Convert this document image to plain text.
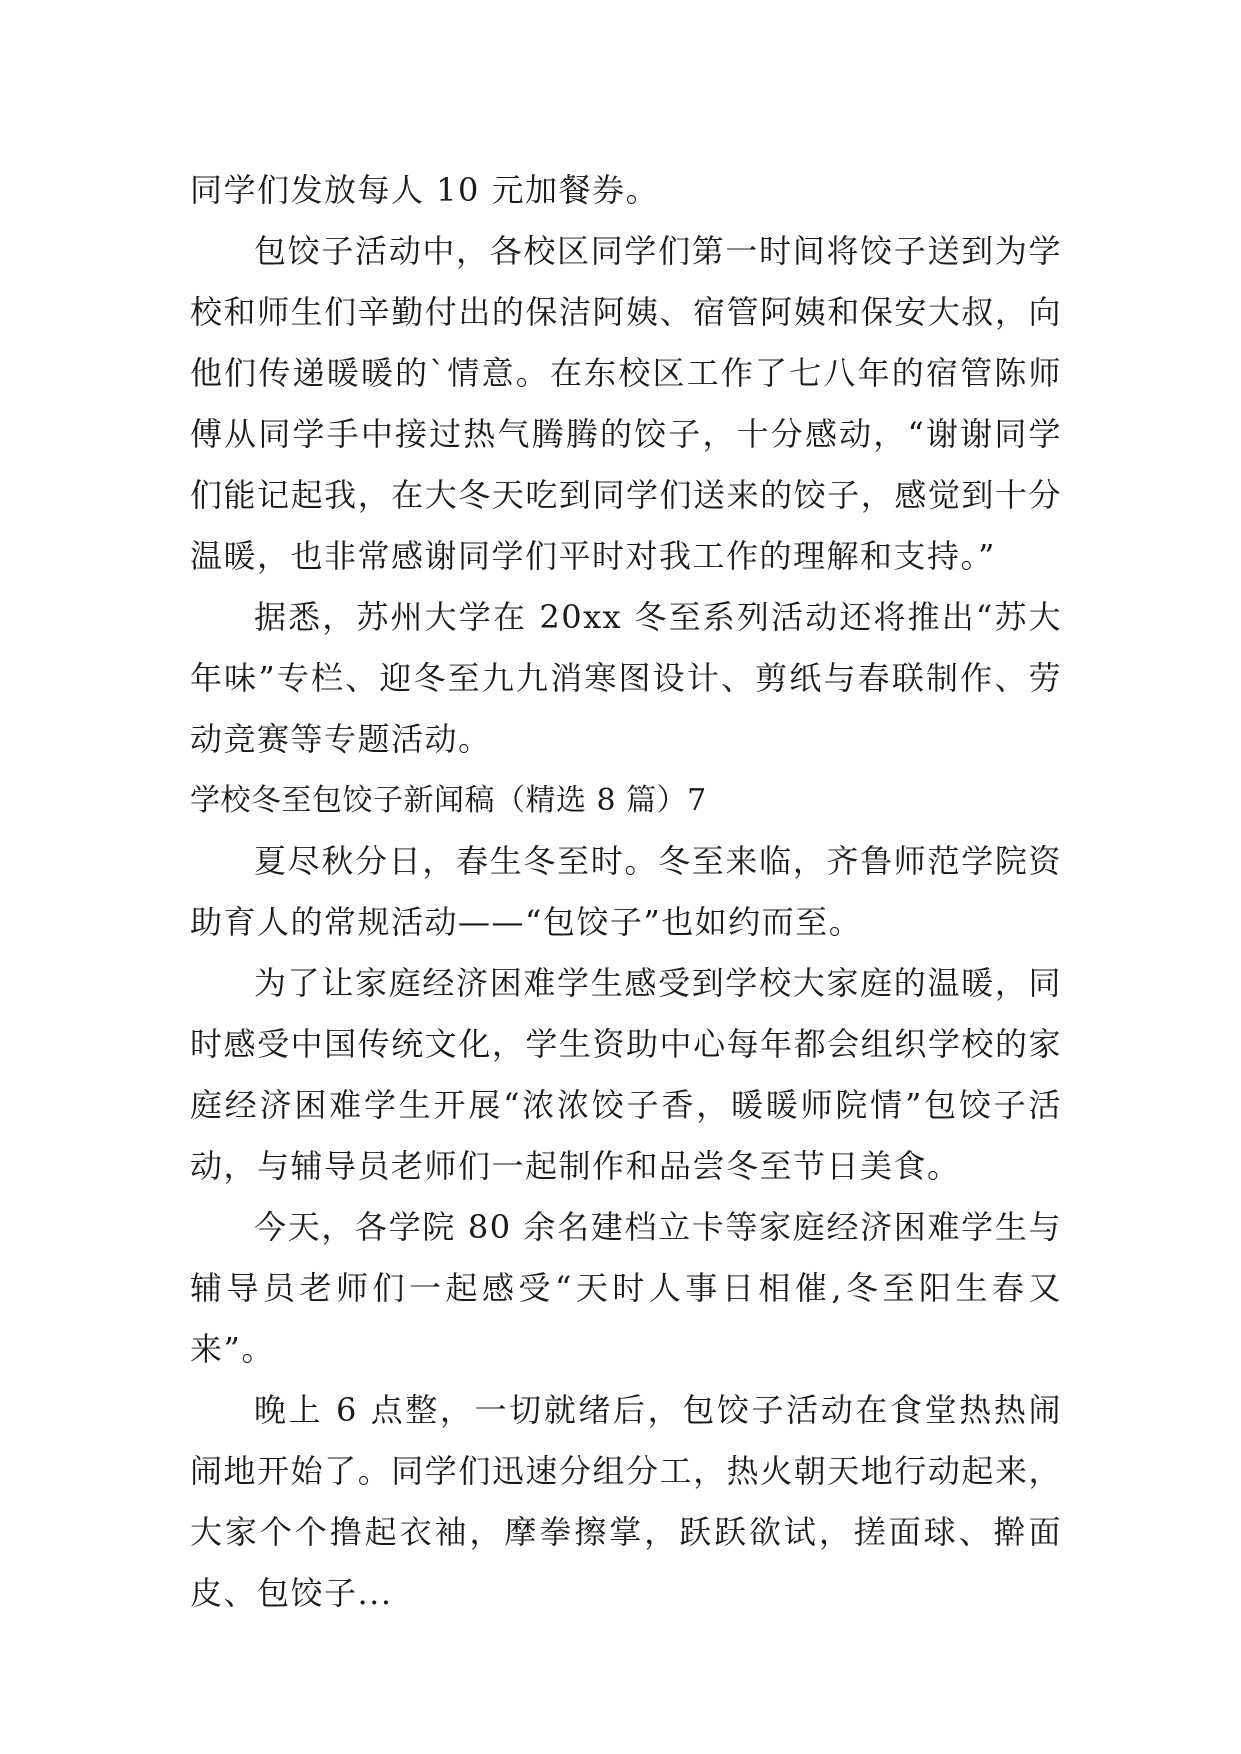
同学们发放每人 10 元加餐券。

包饺子活动中，各校区同学们第一时间将饺子送到为学校和师生们辛勤付出的保洁阿姨、宿管阿姨和保安大叔，向他们传递暖暖的`情意。在东校区工作了七八年的宿管陈师傅从同学手中接过热气腾腾的饺子，十分感动，“谢谢同学们能记起我，在大冬天吃到同学们送来的饺子，感觉到十分温暖，也非常感谢同学们平时对我工作的理解和支持。”

据悉，苏州大学在 20xx 冬至系列活动还将推出“苏大年味”专栏、迎冬至九九消寒图设计、剪纸与春联制作、劳动竞赛等专题活动。

学校冬至包饺子新闻稿（精选 8 篇）7

夏尽秋分日，春生冬至时。冬至来临，齐鲁师范学院资助育人的常规活动——“包饺子”也如约而至。

为了让家庭经济困难学生感受到学校大家庭的温暖，同时感受中国传统文化，学生资助中心每年都会组织学校的家庭经济困难学生开展“浓浓饺子香，暖暖师院情”包饺子活动，与辅导员老师们一起制作和品尝冬至节日美食。

今天，各学院 80 余名建档立卡等家庭经济困难学生与辅导员老师们一起感受“天时人事日相催,冬至阳生春又来”。

晚上 6 点整，一切就绪后，包饺子活动在食堂热热闹闹地开始了。同学们迅速分组分工，热火朝天地行动起来，大家个个撸起衣袖，摩拳擦掌，跃跃欲试，搓面球、擀面皮、包饺子...
